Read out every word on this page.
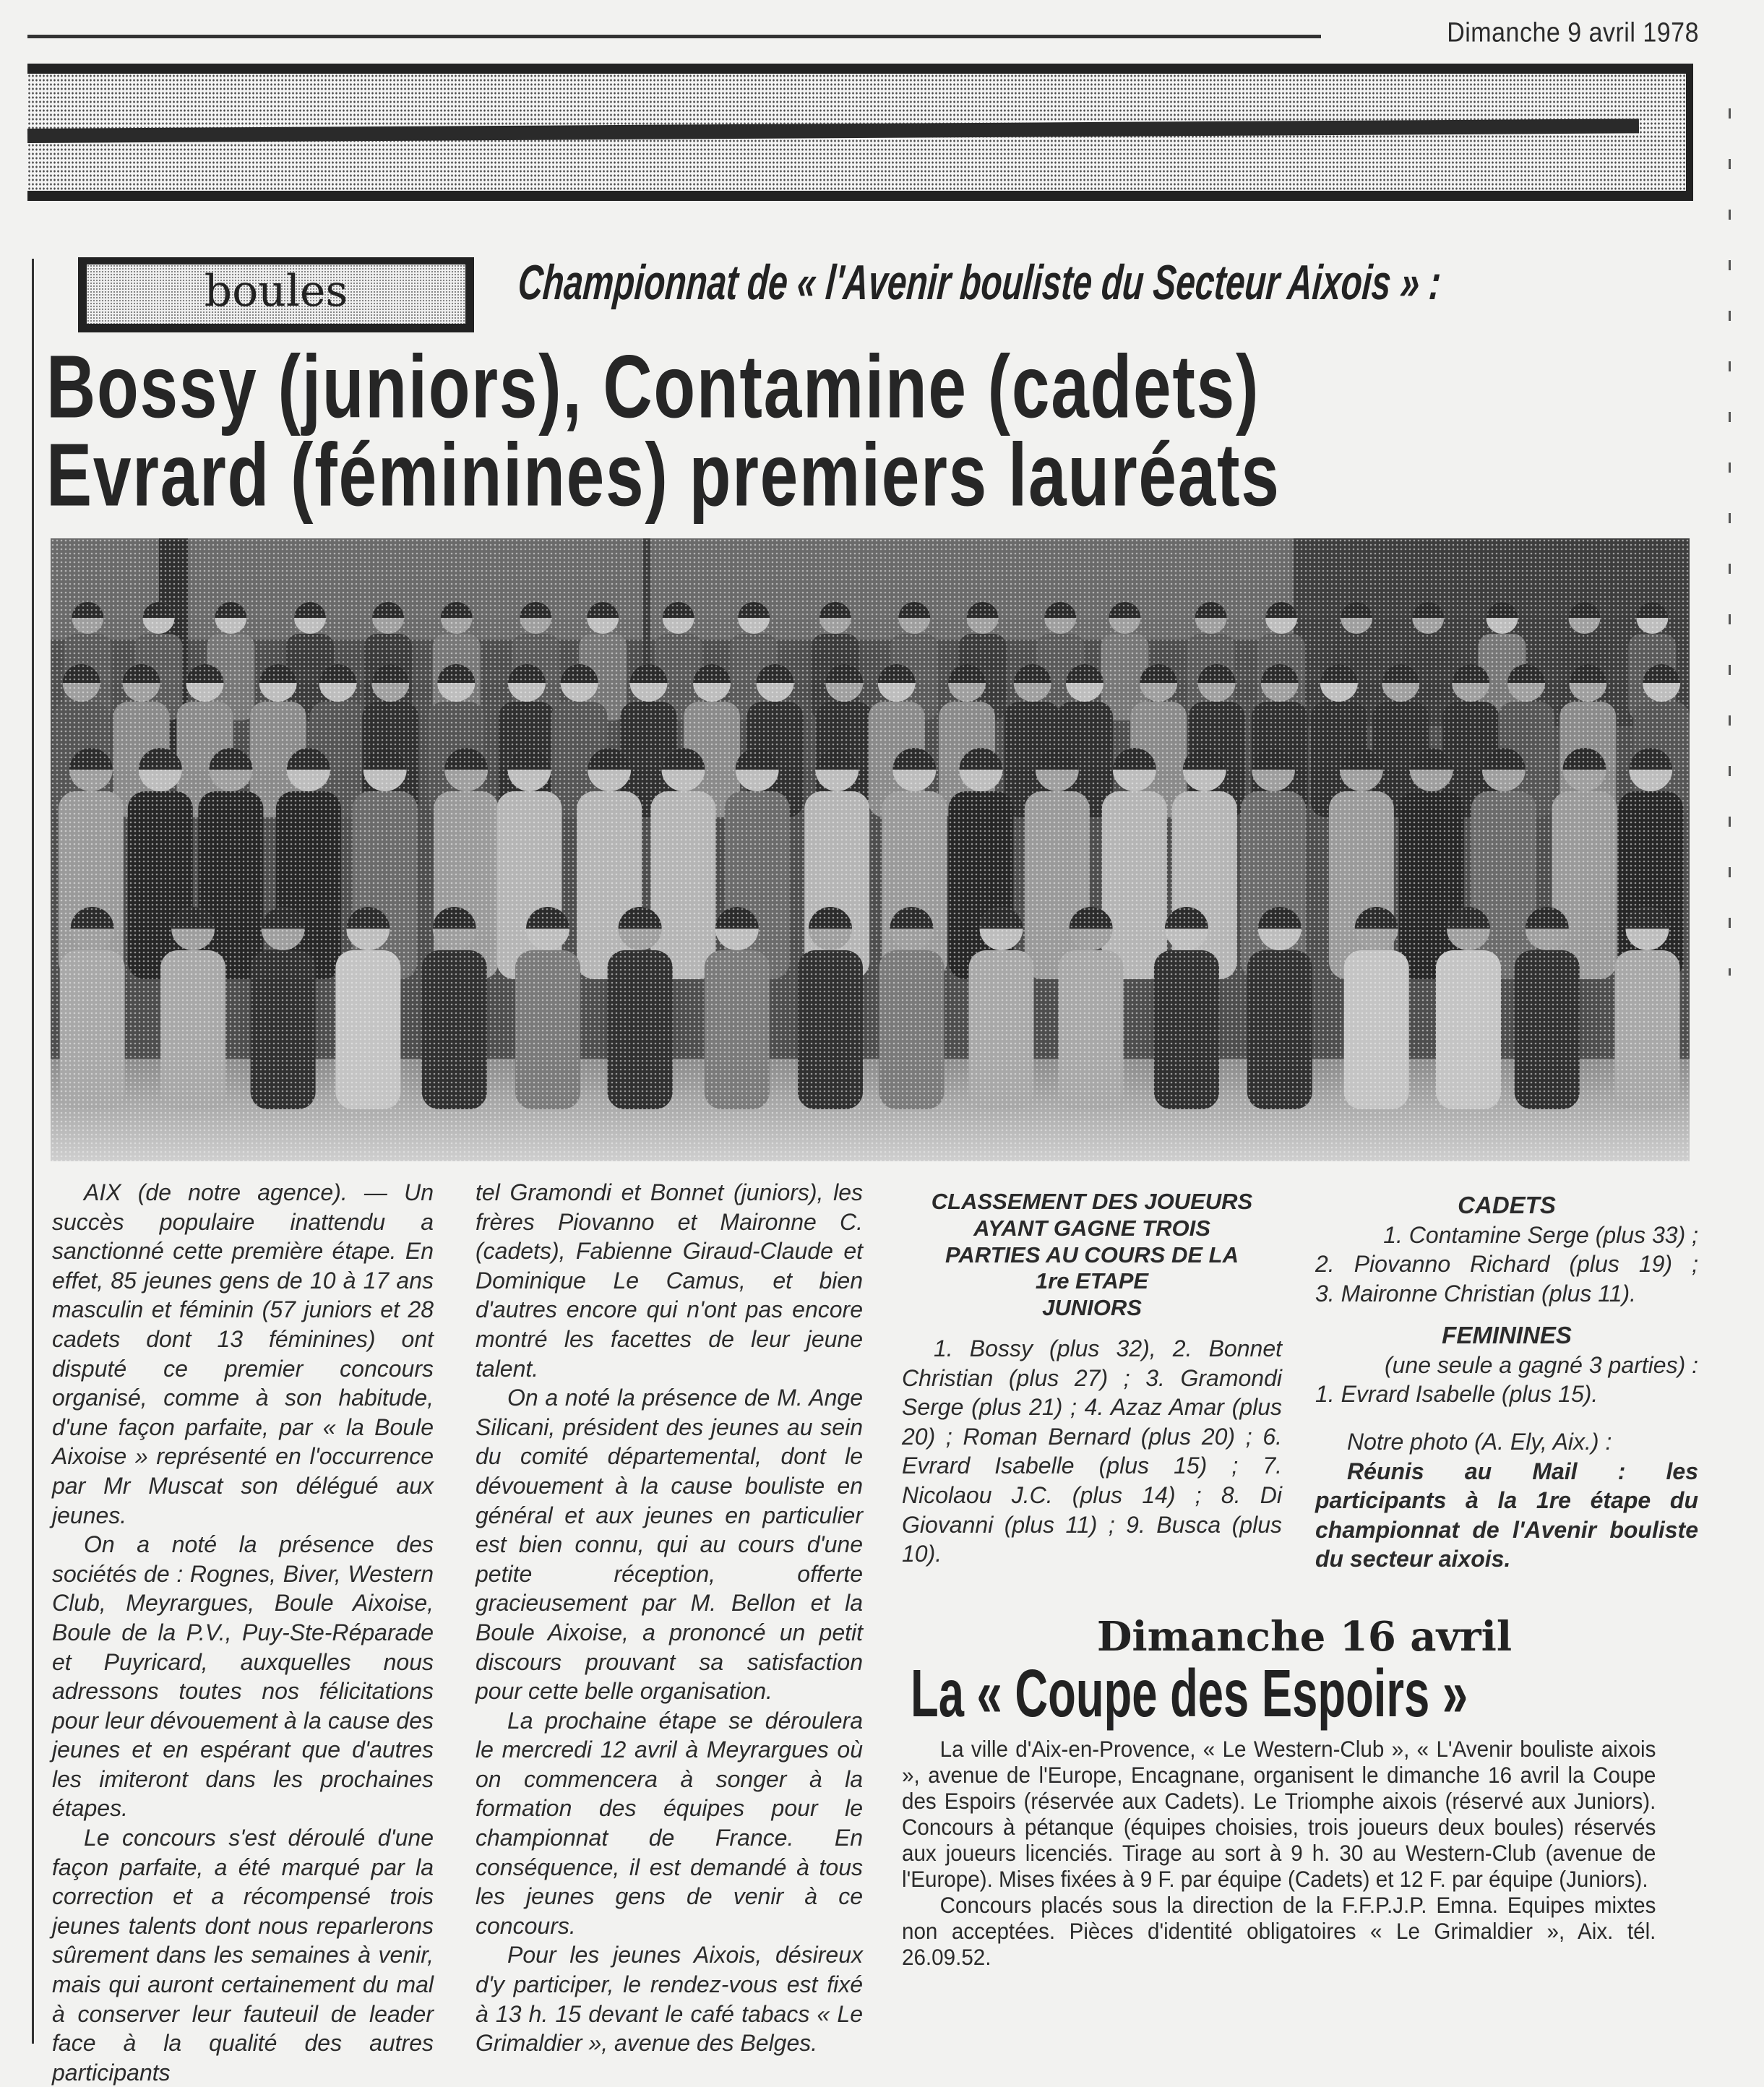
Dimanche 9 avril 1978
boules	Championnat de « l'Avenir bouliste du Secteur Aixois » :
Bossy (juniors), Contamine (cadets)
Evrard (féminines) premiers lauréats

AIX (de notre agence). — Un succès populaire inattendu a sanctionné cette première étape. En effet, 85 jeunes gens de 10 à 17 ans masculin et féminin (57 juniors et 28 cadets dont 13 féminines) ont disputé ce premier concours organisé, comme à son habitude, d'une façon parfaite, par « la Boule Aixoise » représenté en l'occurrence par Mr Muscat son délégué aux jeunes.

On a noté la présence des sociétés de : Rognes, Biver, Western Club, Meyrargues, Boule Aixoise, Boule de la P.V., Puy-Ste-Réparade et Puyricard, auxquelles nous adressons toutes nos félicitations pour leur dévouement à la cause des jeunes et en espérant que d'autres les imiteront dans les prochaines étapes.

Le concours s'est déroulé d'une façon parfaite, a été marqué par la correction et a récompensé trois jeunes talents dont nous reparlerons sûrement dans les semaines à venir, mais qui auront certainement du mal à conserver leur fauteuil de leader face à la qualité des autres participants

tel Gramondi et Bonnet (juniors), les frères Piovanno et Maironne C. (cadets), Fabienne Giraud-Claude et Dominique Le Camus, et bien d'autres encore qui n'ont pas encore montré les facettes de leur jeune talent.

On a noté la présence de M. Ange Silicani, président des jeunes au sein du comité départemental, dont le dévouement à la cause bouliste en général et aux jeunes en particulier est bien connu, qui au cours d'une petite réception, offerte gracieusement par M. Bellon et la Boule Aixoise, a prononcé un petit discours prouvant sa satisfaction pour cette belle organisation.

La prochaine étape se déroulera le mercredi 12 avril à Meyrargues où on commencera à songer à la formation des équipes pour le championnat de France. En conséquence, il est demandé à tous les jeunes gens de venir à ce concours.

Pour les jeunes Aixois, désireux d'y participer, le rendez-vous est fixé à 13 h. 15 devant le café tabacs « Le Grimaldier », avenue des Belges.

CLASSEMENT DES JOUEURS
AYANT GAGNE TROIS
PARTIES AU COURS DE LA
1re ETAPE
JUNIORS

1. Bossy (plus 32), 2. Bonnet Christian (plus 27) ; 3. Gramondi Serge (plus 21) ; 4. Azaz Amar (plus 20) ; Roman Bernard (plus 20) ; 6. Evrard Isabelle (plus 15) ; 7. Nicolaou J.C. (plus 14) ; 8. Di Giovanni (plus 11) ; 9. Busca (plus 10).

CADETS
1. Contamine Serge (plus 33) ;
2. Piovanno Richard (plus 19) ;
3. Maironne Christian (plus 11).
FEMININES
(une seule a gagné 3 parties) :
1. Evrard Isabelle (plus 15).

Notre photo (A. Ely, Aix.) :

Réunis au Mail : les participants à la 1re étape du championnat de l'Avenir bouliste du secteur aixois.

Dimanche 16 avril
La « Coupe des Espoirs »

La ville d'Aix-en-Provence, « Le Western-Club », « L'Avenir bouliste aixois », avenue de l'Europe, Encagnane, organisent le dimanche 16 avril la Coupe des Espoirs (réservée aux Cadets). Le Triomphe aixois (réservé aux Juniors). Concours à pétanque (équipes choisies, trois joueurs deux boules) réservés aux joueurs licenciés. Tirage au sort à 9 h. 30 au Western-Club (avenue de l'Europe). Mises fixées à 9 F. par équipe (Cadets) et 12 F. par équipe (Juniors).

Concours placés sous la direction de la F.F.P.J.P. Emna. Equipes mixtes non acceptées. Pièces d'identité obligatoires « Le Grimaldier », Aix. tél. 26.09.52.
